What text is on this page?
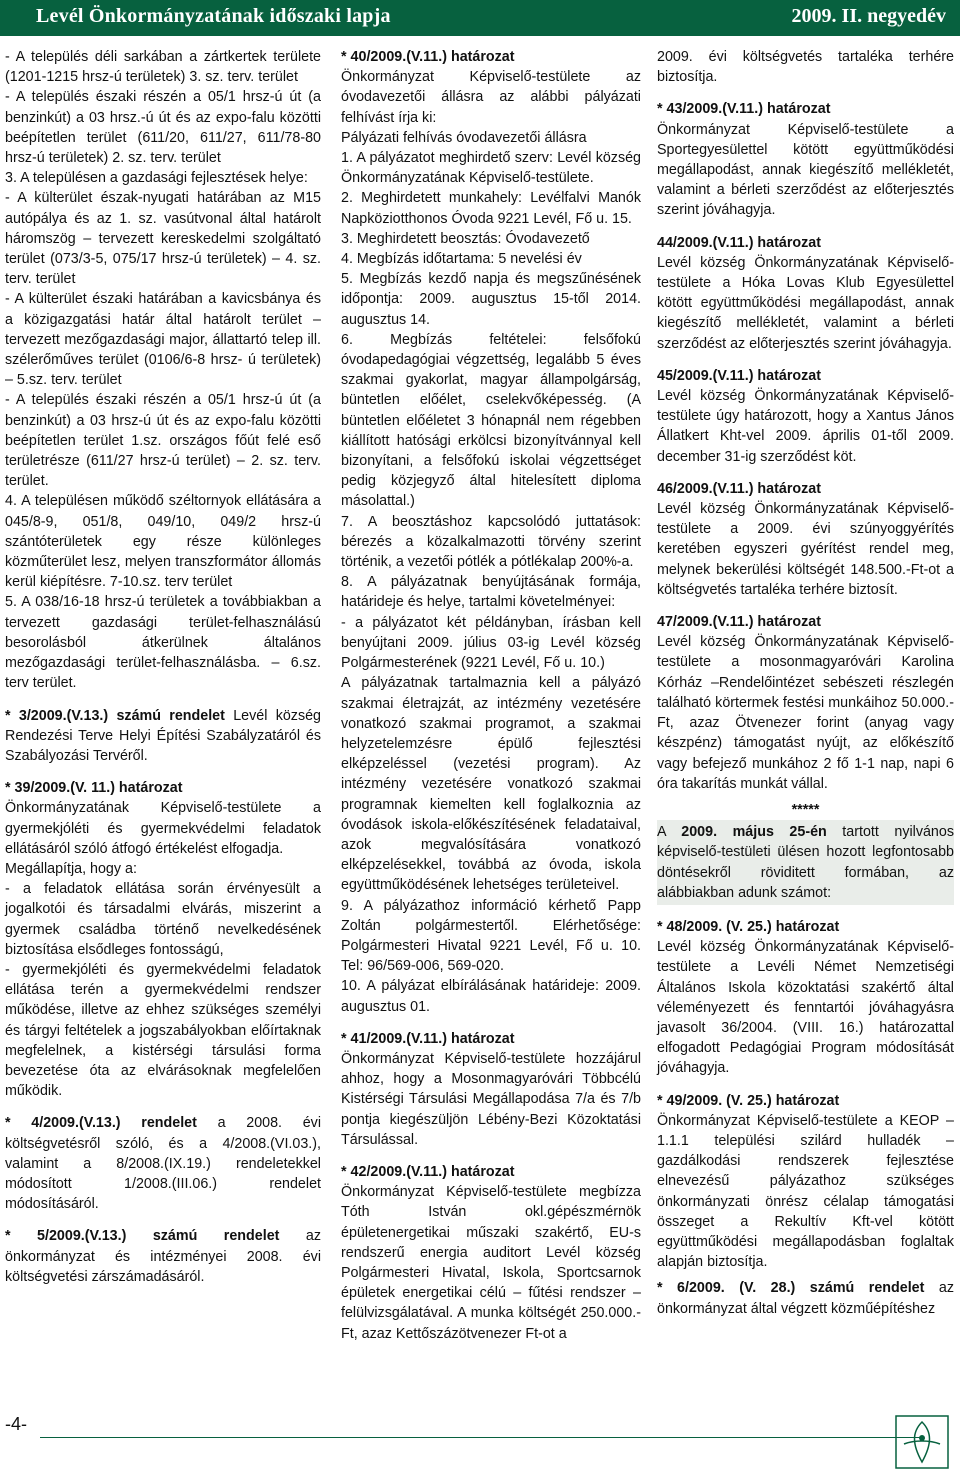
Levél Önkormányzatának időszaki lapja	2009. II. negyedév

- A település déli sarkában a zártkertek területe (1201-1215 hrsz-ú területek) 3. sz. terv. terület

- A település északi részén a 05/1 hrsz-ú út (a benzinkút) a 03 hrsz.-ú út és az expo-falu közötti beépítetlen terület (611/20, 611/27, 611/78-80 hrsz-ú területek) 2. sz. terv. terület

3. A településen a gazdasági fejlesztések helye:

- A külterület észak-nyugati határában az M15 autópálya és az 1. sz. vasútvonal által határolt háromszög – tervezett kereskedelmi szolgáltató terület (073/3-5, 075/17 hrsz-ú területek) – 4. sz. terv. terület

- A külterület északi határában a kavicsbánya és a közigazgatási határ által határolt terület – tervezett mezőgazdasági major, állattartó telep ill. szélerőműves terület (0106/6-8 hrsz- ú területek) – 5.sz. terv. terület

- A település északi részén a 05/1 hrsz-ú út (a benzinkút) a 03 hrsz-ú út és az expo-falu közötti beépítetlen terület 1.sz. országos főút felé eső területrésze (611/27 hrsz-ú terület) – 2. sz. terv. terület.

4. A településen működő széltornyok ellátására a 045/8-9, 051/8, 049/10, 049/2 hrsz-ú szántóterületek egy része különleges közműterület lesz, melyen transzformátor állomás kerül kiépítésre. 7-10.sz. terv terület

5. A 038/16-18 hrsz-ú területek a továbbiakban a tervezett gazdasági terület-felhasználású besorolásból átkerülnek általános mezőgazdasági terület-felhasználásba. – 6.sz. terv terület.

* 3/2009.(V.13.) számú rendelet Levél község Rendezési Terve Helyi Építési Szabályzatáról és Szabályozási Tervéről.

* 39/2009.(V. 11.) határozat

Önkormányzatának Képviselő-testülete a gyermekjóléti és gyermekvédelmi feladatok ellátásáról szóló átfogó értékelést elfogadja.

Megállapítja, hogy a:

- a feladatok ellátása során érvényesült a jogalkotói és társadalmi elvárás, miszerint a gyermek családba történő nevelkedésének biztosítása elsődleges fontosságú,

- gyermekjóléti és gyermekvédelmi feladatok ellátása terén a gyermekvédelmi rendszer működése, illetve az ehhez szükséges személyi és tárgyi feltételek a jogszabályokban előírtaknak megfelelnek, a kistérségi társulási forma bevezetése óta az elvárásoknak megfelelően működik.

* 4/2009.(V.13.) rendelet a 2008. évi költségvetésről szóló, és a 4/2008.(VI.03.), valamint a 8/2008.(IX.19.) rendeletekkel módosított 1/2008.(III.06.) rendelet módosításáról.

* 5/2009.(V.13.) számú rendelet az önkormányzat és intézményei 2008. évi költségvetési zárszámadásáról.

* 40/2009.(V.11.) határozat

Önkormányzat Képviselő-testülete az óvodavezetői állásra az alábbi pályázati felhívást írja ki:

Pályázati felhívás óvodavezetői állásra

1. A pályázatot meghirdető szerv: Levél község Önkormányzatának Képviselő-testülete.

2. Meghirdetett munkahely: Levélfalvi Manók Napköziotthonos Óvoda 9221 Levél, Fő u. 15.

3. Meghirdetett beosztás: Óvodavezető

4. Megbízás időtartama: 5 nevelési év

5. Megbízás kezdő napja és megszűnésének időpontja: 2009. augusztus 15-től 2014. augusztus 14.

6. Megbízás feltételei: felsőfokú óvodapedagógiai végzettség, legalább 5 éves szakmai gyakorlat, magyar állampolgárság, büntetlen előélet, cselekvőképesség. (A büntetlen előéletet 3 hónapnál nem régebben kiállított hatósági erkölcsi bizonyítvánnyal kell bizonyítani, a felsőfokú iskolai végzettséget pedig közjegyző által hitelesített diploma másolattal.)

7. A beosztáshoz kapcsolódó juttatások: bérezés a közalkalmazotti törvény szerint történik, a vezetői pótlék a pótlékalap 200%-a.

8. A pályázatnak benyújtásának formája, határideje és helye, tartalmi követelményei:

- a pályázatot két példányban, írásban kell benyújtani 2009. július 03-ig Levél község Polgármesterének (9221 Levél, Fő u. 10.)

A pályázatnak tartalmaznia kell a pályázó szakmai életrajzát, az intézmény vezetésére vonatkozó szakmai programot, a szakmai helyzetelemzésre épülő fejlesztési elképzeléssel (vezetési program). Az intézmény vezetésére vonatkozó szakmai programnak kiemelten kell foglalkoznia az óvodások iskola-előkészítésének feladataival, azok megvalósítására vonatkozó elképzelésekkel, továbbá az óvoda, iskola együttműködésének lehetséges területeivel.

9. A pályázathoz információ kérhető Papp Zoltán polgármestertől. Elérhetősége: Polgármesteri Hivatal 9221 Levél, Fő u. 10. Tel: 96/569-006, 569-020.

10. A pályázat elbírálásának határideje: 2009. augusztus 01.

* 41/2009.(V.11.) határozat

Önkormányzat Képviselő-testülete hozzájárul ahhoz, hogy a Mosonmagyaróvári Többcélú Kistérségi Társulási Megállapodása 7/a és 7/b pontja kiegészüljön Lébény-Bezi Közoktatási Társulással.

* 42/2009.(V.11.) határozat

Önkormányzat Képviselő-testülete megbízza Tóth István okl.gépészmérnök épületenergetikai műszaki szakértő, EU-s rendszerű energia auditort Levél község Polgármesteri Hivatal, Iskola, Sportcsarnok épületek energetikai célú – fűtési rendszer – felülvizsgálatával. A munka költségét 250.000.-Ft, azaz Kettőszázötvenezer Ft-ot a

2009. évi költségvetés tartaléka terhére biztosítja.

* 43/2009.(V.11.) határozat

Önkormányzat Képviselő-testülete a Sportegyesülettel kötött együttműködési megállapodást, annak kiegészítő mellékletét, valamint a bérleti szerződést az előterjesztés szerint jóváhagyja.

44/2009.(V.11.) határozat

Levél község Önkormányzatának Képviselő-testülete a Hóka Lovas Klub Egyesülettel kötött együttműködési megállapodást, annak kiegészítő mellékletét, valamint a bérleti szerződést az előterjesztés szerint jóváhagyja.

45/2009.(V.11.) határozat

Levél község Önkormányzatának Képviselő-testülete úgy határozott, hogy a Xantus János Állatkert Kht-vel 2009. április 01-től 2009. december 31-ig szerződést köt.

46/2009.(V.11.) határozat

Levél község Önkormányzatának Képviselő-testülete a 2009. évi szúnyoggyérítés keretében egyszeri gyérítést rendel meg, melynek bekerülési költségét 148.500.-Ft-ot a költségvetés tartaléka terhére biztosít.

47/2009.(V.11.) határozat

Levél község Önkormányzatának Képviselő-testülete a mosonmagyaróvári Karolina Kórház –Rendelőintézet sebészeti részlegén található körtermek festési munkáihoz 50.000.-Ft, azaz Ötvenezer forint (anyag vagy készpénz) támogatást nyújt, az előkészítő vagy befejező munkához 2 fő 1-1 nap, napi 6 óra takarítás munkát vállal.

*****

A 2009. május 25-én tartott nyilvános képviselő-testületi ülésen hozott legfontosabb döntésekről röviditett formában, az alábbiakban adunk számot:

* 48/2009. (V. 25.) határozat

Levél község Önkormányzatának Képviselő-testülete a Levéli Német Nemzetiségi Általános Iskola közoktatási szakértő által véleményezett és fenntartói jóváhagyásra javasolt 36/2004. (VIII. 16.) határozattal elfogadott Pedagógiai Program módosítását jóváhagyja.

* 49/2009. (V. 25.) határozat

Önkormányzat Képviselő-testülete a KEOP – 1.1.1 települési szilárd hulladék – gazdálkodási rendszerek fejlesztése elnevezésű pályázathoz szükséges önkormányzati önrész célalap támogatási összeget a Rekultív Kft-vel kötött együttműködési megállapodásban foglaltak alapján biztosítja.

* 6/2009. (V. 28.) számú rendelet az önkormányzat által végzett közműépítéshez

-4-
